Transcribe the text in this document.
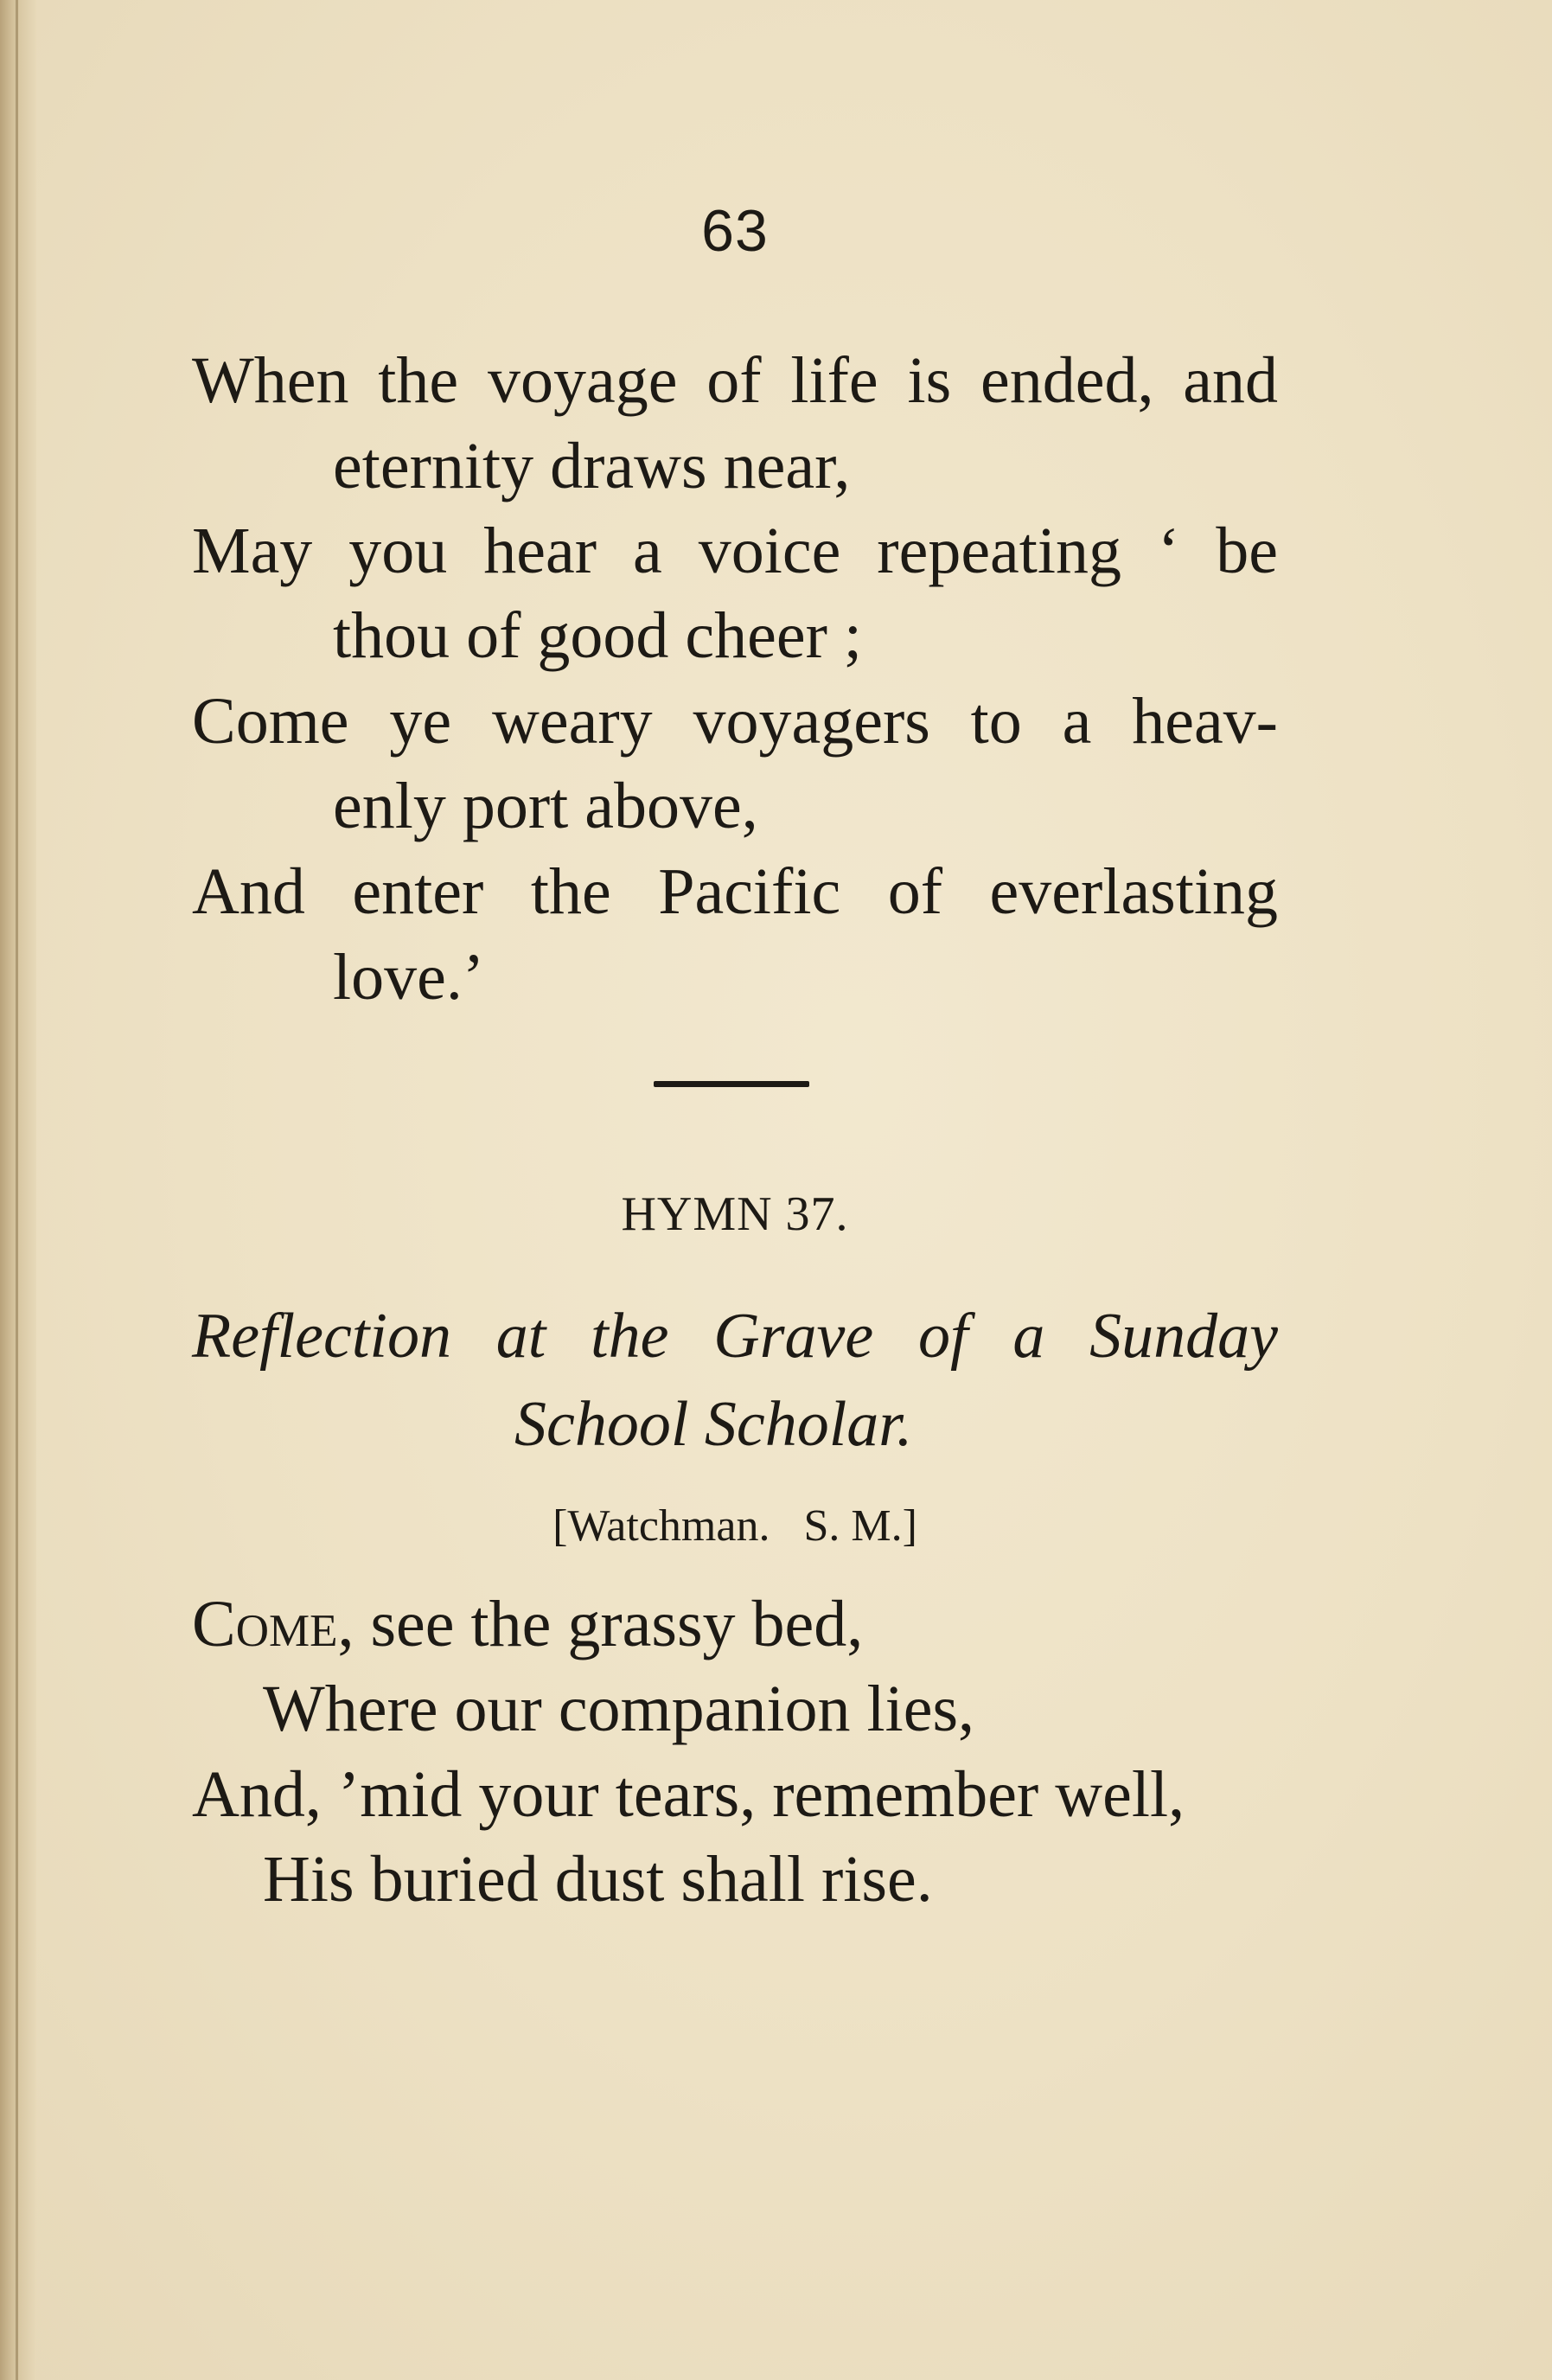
63
When the voyage of life is ended, and
eternity draws near,
May you hear a voice repeating ‘ be
thou of good cheer ;
Come ye weary voyagers to a heav-
enly port above,
And enter the Pacific of everlasting
love.’
HYMN 37.
Reflection at the Grave of a Sunday
School Scholar.
[Watchman.   S. M.]
Come, see the grassy bed,
Where our companion lies,
And, ’mid your tears, remember well,
His buried dust shall rise.
